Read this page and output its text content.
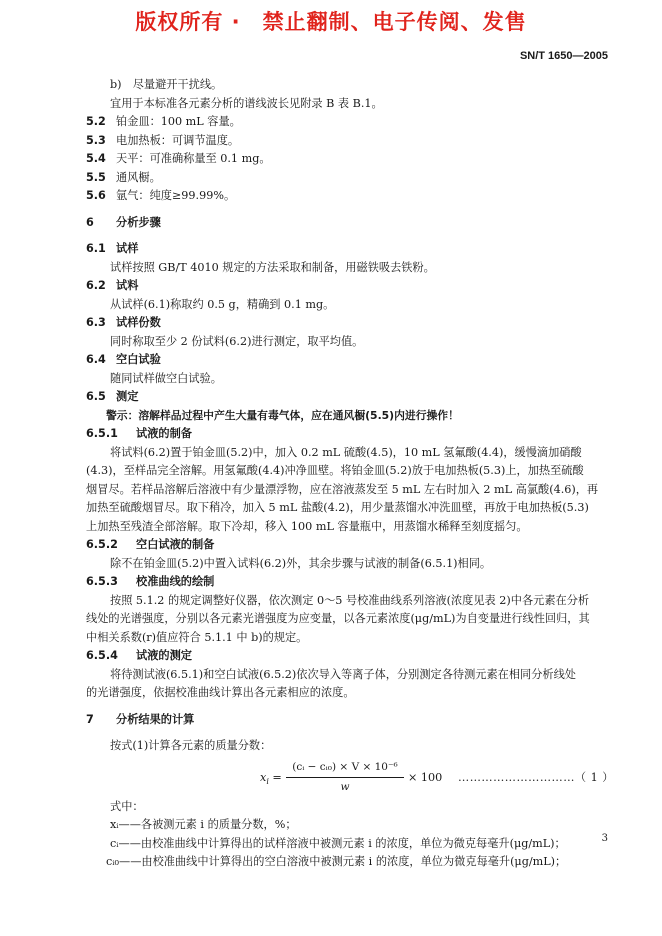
版权所有 ·　禁止翻制、电子传阅、发售
SN/T 1650—2005
b)　尽量避开干扰线。
宜用于本标准各元素分析的谱线波长见附录 B 表 B.1。
5.2 铂金皿：100 mL 容量。
5.3 电加热板：可调节温度。
5.4 天平：可准确称量至 0.1 mg。
5.5 通风橱。
5.6 氩气：纯度≥99.99%。
6 分析步骤
6.1 试样
试样按照 GB/T 4010 规定的方法采取和制备，用磁铁吸去铁粉。
6.2 试料
从试样(6.1)称取约 0.5 g，精确到 0.1 mg。
6.3 试样份数
同时称取至少 2 份试料(6.2)进行测定，取平均值。
6.4 空白试验
随同试样做空白试验。
6.5 测定
警示：溶解样品过程中产生大量有毒气体，应在通风橱(5.5)内进行操作！
6.5.1 试液的制备
将试料(6.2)置于铂金皿(5.2)中，加入 0.2 mL 硫酸(4.5)，10 mL 氢氟酸(4.4)，缓慢滴加硝酸
(4.3)，至样品完全溶解。用氢氟酸(4.4)冲净皿壁。将铂金皿(5.2)放于电加热板(5.3)上，加热至硫酸
烟冒尽。若样品溶解后溶液中有少量漂浮物，应在溶液蒸发至 5 mL 左右时加入 2 mL 高氯酸(4.6)，再
加热至硫酸烟冒尽。取下稍冷，加入 5 mL 盐酸(4.2)，用少量蒸馏水冲洗皿壁，再放于电加热板(5.3)
上加热至残渣全部溶解。取下冷却，移入 100 mL 容量瓶中，用蒸馏水稀释至刻度摇匀。
6.5.2 空白试液的制备
除不在铂金皿(5.2)中置入试料(6.2)外，其余步骤与试液的制备(6.5.1)相同。
6.5.3 校准曲线的绘制
按照 5.1.2 的规定调整好仪器，依次测定 0～5 号校准曲线系列溶液(浓度见表 2)中各元素在分析
线处的光谱强度，分别以各元素光谱强度为应变量，以各元素浓度(μg/mL)为自变量进行线性回归，其
中相关系数(r)值应符合 5.1.1 中 b)的规定。
6.5.4 试液的测定
将待测试液(6.5.1)和空白试液(6.5.2)依次导入等离子体，分别测定各待测元素在相同分析线处
的光谱强度，依据校准曲线计算出各元素相应的浓度。
7 分析结果的计算
按式(1)计算各元素的质量分数：
$x_i = \frac{\text{(cᵢ − cᵢ₀) × V × 10⁻⁶}}{w} \times 100$ …………………………（ 1 ）
式中：
xᵢ——各被测元素 i 的质量分数，%；
cᵢ——由校准曲线中计算得出的试样溶液中被测元素 i 的浓度，单位为微克每毫升(μg/mL)；
cᵢ₀——由校准曲线中计算得出的空白溶液中被测元素 i 的浓度，单位为微克每毫升(μg/mL)；
3
